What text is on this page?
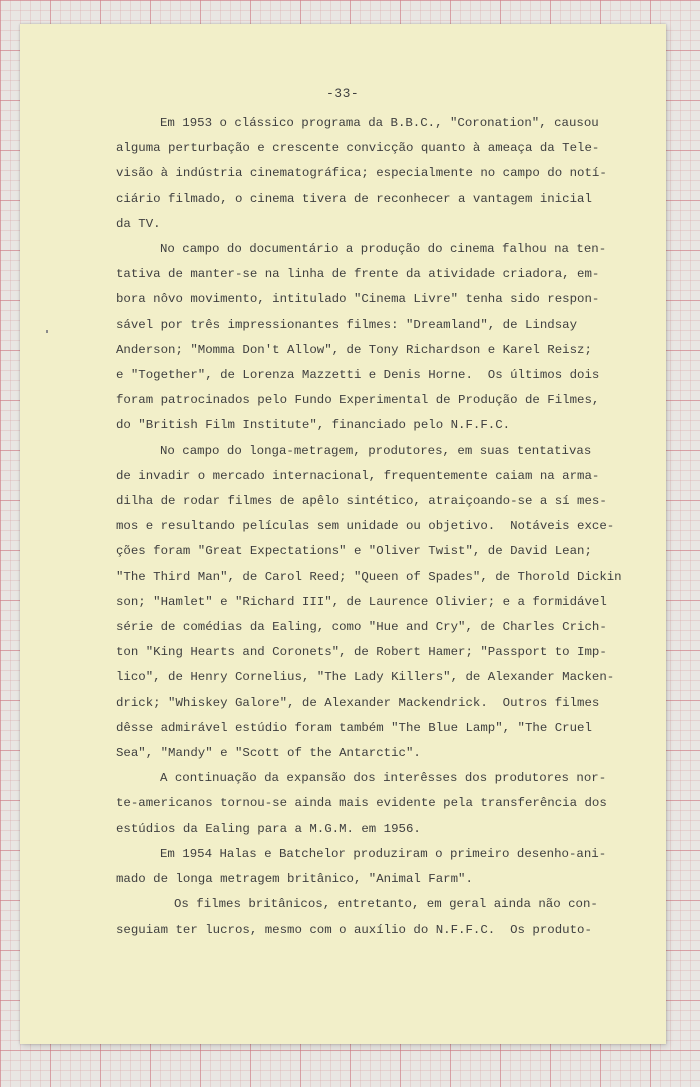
-33-

Em 1953 o clássico programa da B.B.C., "Coronation", causou
alguma perturbação e crescente convicção quanto à ameaça da Tele-
visão à indústria cinematográfica; especialmente no campo do notí-
ciário filmado, o cinema tivera de reconhecer a vantagem inicial
da TV.
No campo do documentário a produção do cinema falhou na ten-
tativa de manter-se na linha de frente da atividade criadora, em-
bora nôvo movimento, intitulado "Cinema Livre" tenha sido respon-
sável por três impressionantes filmes: "Dreamland", de Lindsay
Anderson; "Momma Don't Allow", de Tony Richardson e Karel Reisz;
e "Together", de Lorenza Mazzetti e Denis Horne.  Os últimos dois
foram patrocinados pelo Fundo Experimental de Produção de Filmes,
do "British Film Institute", financiado pelo N.F.F.C.
No campo do longa-metragem, produtores, em suas tentativas
de invadir o mercado internacional, frequentemente caiam na arma-
dilha de rodar filmes de apêlo sintético, atraiçoando-se a sí mes-
mos e resultando películas sem unidade ou objetivo.  Notáveis exce-
ções foram "Great Expectations" e "Oliver Twist", de David Lean;
"The Third Man", de Carol Reed; "Queen of Spades", de Thorold Dickin
son; "Hamlet" e "Richard III", de Laurence Olivier; e a formidável
série de comédias da Ealing, como "Hue and Cry", de Charles Crich-
ton "King Hearts and Coronets", de Robert Hamer; "Passport to Imp-
lico", de Henry Cornelius, "The Lady Killers", de Alexander Macken-
drick; "Whiskey Galore", de Alexander Mackendrick.  Outros filmes
dêsse admirável estúdio foram também "The Blue Lamp", "The Cruel
Sea", "Mandy" e "Scott of the Antarctic".
A continuação da expansão dos interêsses dos produtores nor-
te-americanos tornou-se ainda mais evidente pela transferência dos
estúdios da Ealing para a M.G.M. em 1956.
Em 1954 Halas e Batchelor produziram o primeiro desenho-ani-
mado de longa metragem britânico, "Animal Farm".
Os filmes britânicos, entretanto, em geral ainda não con-
seguiam ter lucros, mesmo com o auxílio do N.F.F.C.  Os produto-
